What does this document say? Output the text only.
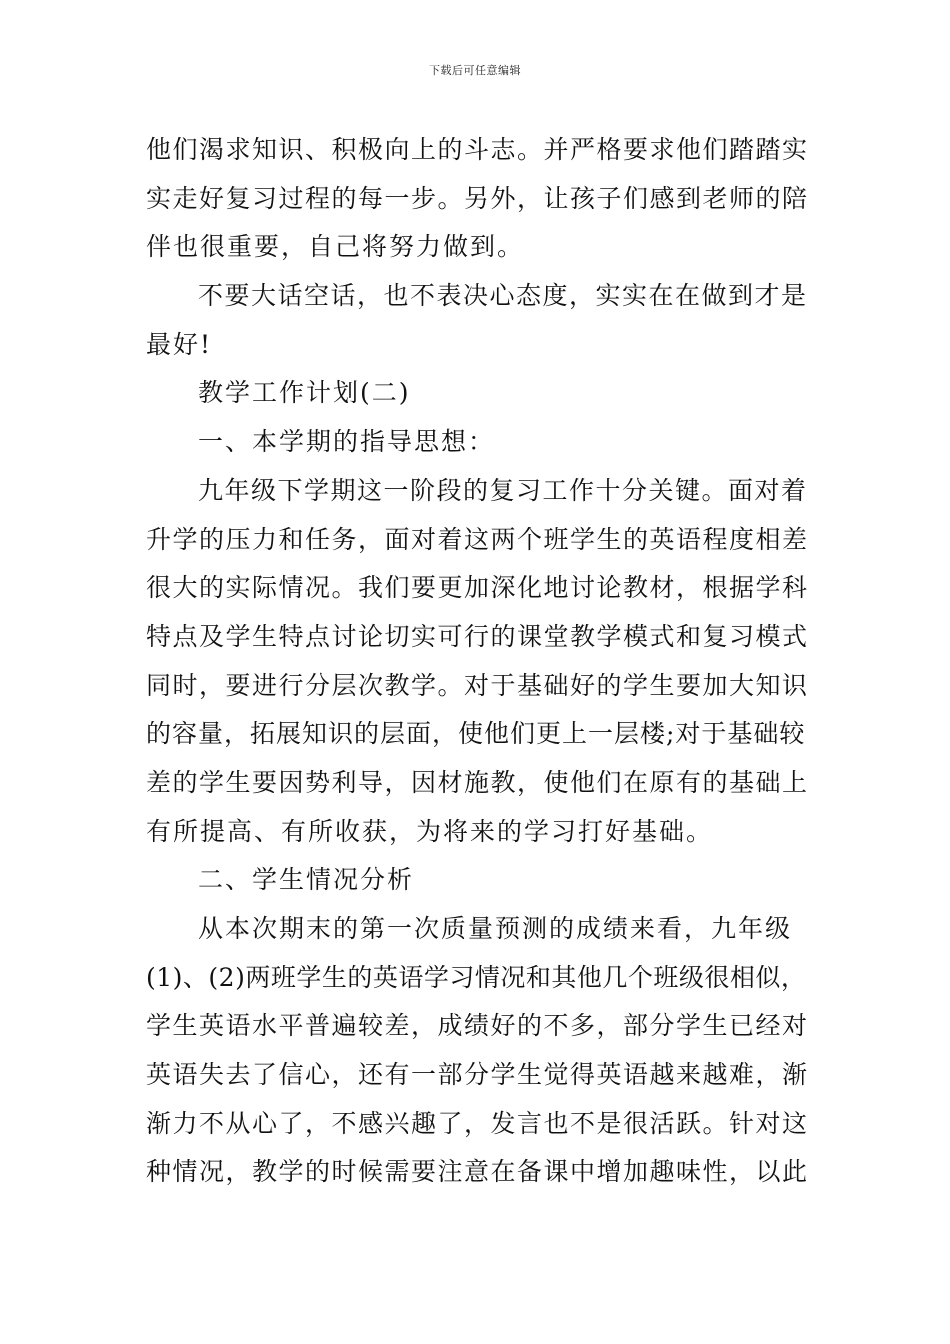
下载后可任意编辑
他们渴求知识、积极向上的斗志。并严格要求他们踏踏实
实走好复习过程的每一步。另外，让孩子们感到老师的陪
伴也很重要，自己将努力做到。
不要大话空话，也不表决心态度，实实在在做到才是
最好!
教学工作计划(二)
一、本学期的指导思想：
九年级下学期这一阶段的复习工作十分关键。面对着
升学的压力和任务，面对着这两个班学生的英语程度相差
很大的实际情况。我们要更加深化地讨论教材，根据学科
特点及学生特点讨论切实可行的课堂教学模式和复习模式
同时，要进行分层次教学。对于基础好的学生要加大知识
的容量，拓展知识的层面，使他们更上一层楼;对于基础较
差的学生要因势利导，因材施教，使他们在原有的基础上
有所提高、有所收获，为将来的学习打好基础。
二、学生情况分析
从本次期末的第一次质量预测的成绩来看，九年级
(1)、(2)两班学生的英语学习情况和其他几个班级很相似，
学生英语水平普遍较差，成绩好的不多，部分学生已经对
英语失去了信心，还有一部分学生觉得英语越来越难，渐
渐力不从心了，不感兴趣了，发言也不是很活跃。针对这
种情况，教学的时候需要注意在备课中增加趣味性，以此
